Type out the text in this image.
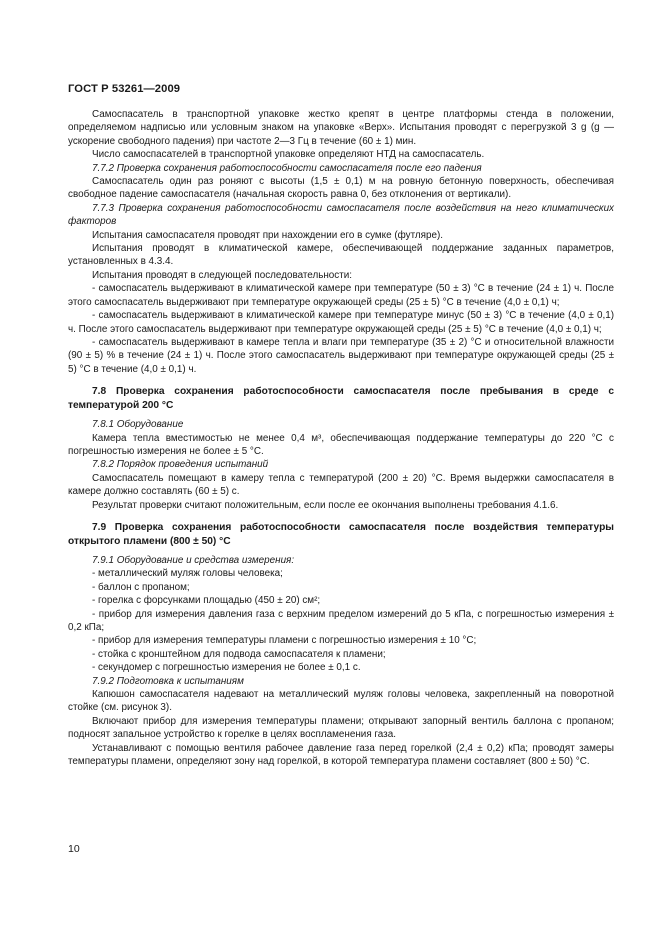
ГОСТ Р 53261—2009

Самоспасатель в транспортной упаковке жестко крепят в центре платформы стенда в положении, определяемом надписью или условным знаком на упаковке «Верх». Испытания проводят с перегрузкой 3 g (g — ускорение свободного падения) при частоте 2—3 Гц в течение (60 ± 1) мин.

Число самоспасателей в транспортной упаковке определяют НТД на самоспасатель.

7.7.2 Проверка сохранения работоспособности самоспасателя после его падения

Самоспасатель один раз роняют с высоты (1,5 ± 0,1) м на ровную бетонную поверхность, обеспечивая свободное падение самоспасателя (начальная скорость равна 0, без отклонения от вертикали).

7.7.3 Проверка сохранения работоспособности самоспасателя после воздействия на него климатических факторов

Испытания самоспасателя проводят при нахождении его в сумке (футляре).

Испытания проводят в климатической камере, обеспечивающей поддержание заданных параметров, установленных в 4.3.4.

Испытания проводят в следующей последовательности:

- самоспасатель выдерживают в климатической камере при температуре (50 ± 3) °С в течение (24 ± 1) ч. После этого самоспасатель выдерживают при температуре окружающей среды (25 ± 5) °С в течение (4,0 ± 0,1) ч;

- самоспасатель выдерживают в климатической камере при температуре минус (50 ± 3) °С в течение (4,0 ± 0,1) ч. После этого самоспасатель выдерживают при температуре окружающей среды (25 ± 5) °С в течение (4,0 ± 0,1) ч;

- самоспасатель выдерживают в камере тепла и влаги при температуре (35 ± 2) °С и относительной влажности (90 ± 5) % в течение (24 ± 1) ч. После этого самоспасатель выдерживают при температуре окружающей среды (25 ± 5) °С в течение (4,0 ± 0,1) ч.

7.8 Проверка сохранения работоспособности самоспасателя после пребывания в среде с температурой 200 °С

7.8.1 Оборудование

Камера тепла вместимостью не менее 0,4 м³, обеспечивающая поддержание температуры до 220 °С с погрешностью измерения не более ± 5 °С.

7.8.2 Порядок проведения испытаний

Самоспасатель помещают в камеру тепла с температурой (200 ± 20) °С. Время выдержки самоспасателя в камере должно составлять (60 ± 5) с.

Результат проверки считают положительным, если после ее окончания выполнены требования 4.1.6.

7.9 Проверка сохранения работоспособности самоспасателя после воздействия температуры открытого пламени (800 ± 50) °С

7.9.1 Оборудование и средства измерения:

- металлический муляж головы человека;

- баллон с пропаном;

- горелка с форсунками площадью (450 ± 20) см²;

- прибор для измерения давления газа с верхним пределом измерений до 5 кПа, с погрешностью измерения ± 0,2 кПа;

- прибор для измерения температуры пламени с погрешностью измерения ± 10 °С;

- стойка с кронштейном для подвода самоспасателя к пламени;

- секундомер с погрешностью измерения не более ± 0,1 с.

7.9.2 Подготовка к испытаниям

Капюшон самоспасателя надевают на металлический муляж головы человека, закрепленный на поворотной стойке (см. рисунок 3).

Включают прибор для измерения температуры пламени; открывают запорный вентиль баллона с пропаном; подносят запальное устройство к горелке в целях воспламенения газа.

Устанавливают с помощью вентиля рабочее давление газа перед горелкой (2,4 ± 0,2) кПа; проводят замеры температуры пламени, определяют зону над горелкой, в которой температура пламени составляет (800 ± 50) °С.

10
